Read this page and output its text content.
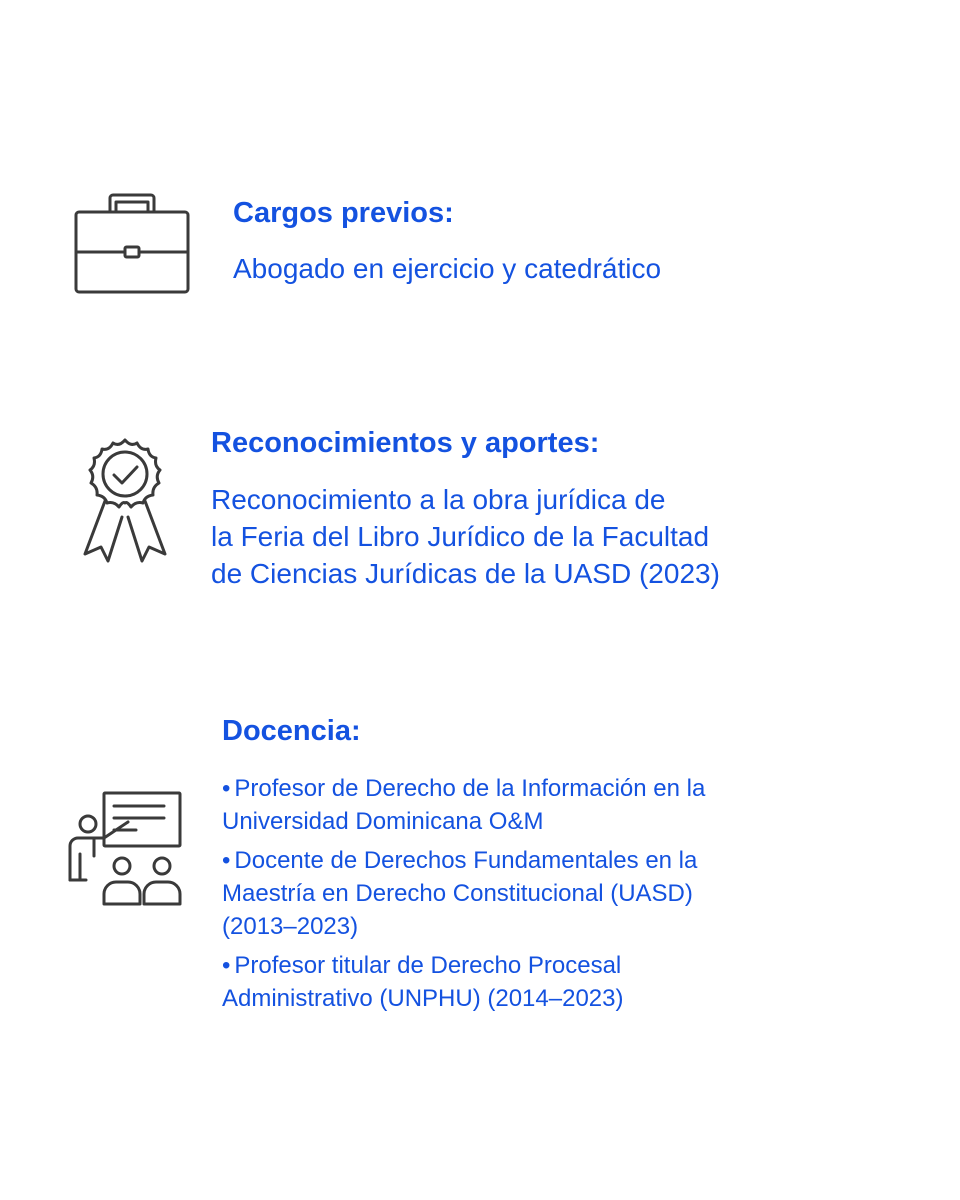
Cargos previos:

Abogado en ejercicio y catedrático

Reconocimientos y aportes:

Reconocimiento a la obra jurídica de
la Feria del Libro Jurídico de la Facultad
de Ciencias Jurídicas de la UASD (2023)

Docencia:
• Profesor de Derecho de la Información en la
Universidad Dominicana O&M
• Docente de Derechos Fundamentales en la
Maestría en Derecho Constitucional (UASD)
(2013–2023)
• Profesor titular de Derecho Procesal
Administrativo (UNPHU) (2014–2023)
